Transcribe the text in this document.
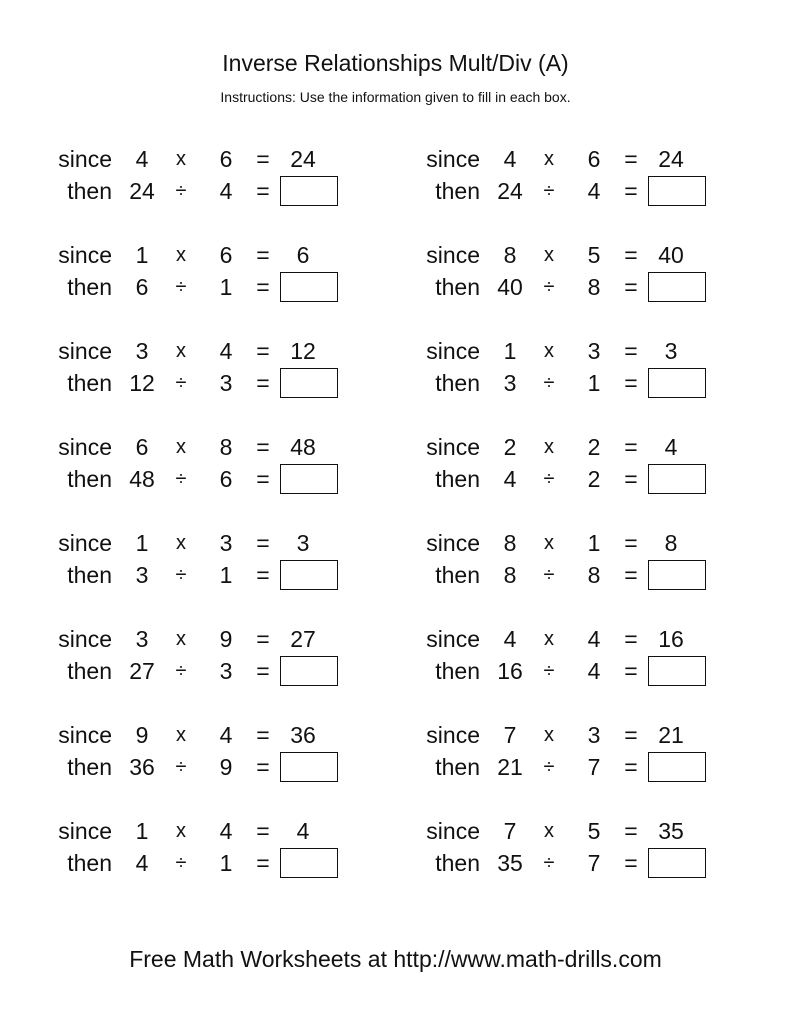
Inverse Relationships Mult/Div (A)
Instructions: Use the information given to fill in each box.
since	4	x	6	= 24
then 24	÷	4	=
since	4	x	6	= 24
then 24	÷	4	=
since	1	x	6	=	6
then	6	÷	1	=
since	8	x	5	= 40
then 40	÷	8	=
since	3	x	4	= 12
then 12	÷	3	=
since	1	x	3	=	3
then	3	÷	1	=
since	6	x	8	= 48
then 48	÷	6	=
since	2	x	2	=	4
then	4	÷	2	=
since	1	x	3	=	3
then	3	÷	1	=
since	8	x	1	=	8
then	8	÷	8	=
since	3	x	9	= 27
then 27	÷	3	=
since	4	x	4	= 16
then 16	÷	4	=
since	9	x	4	= 36
then 36	÷	9	=
since	7	x	3	= 21
then 21	÷	7	=
since	1	x	4	=	4
then	4	÷	1	=
since	7	x	5	= 35
then 35	÷	7	=
Free Math Worksheets at http://www.math-drills.com
